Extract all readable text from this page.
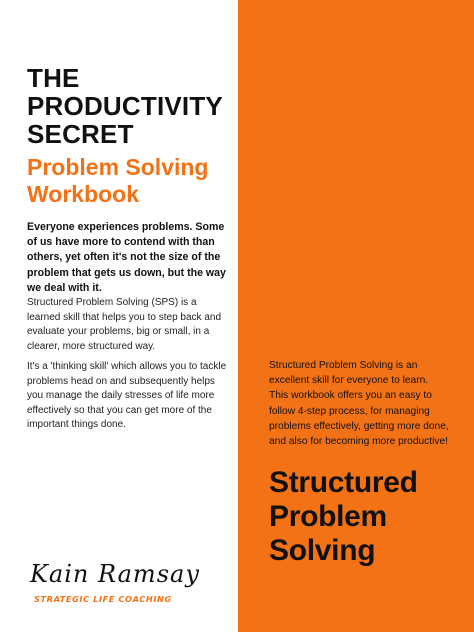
THE
PRODUCTIVITY
SECRET
Problem Solving
Workbook

Everyone experiences problems. Some of us have more to contend with than others, yet often it's not the size of the problem that gets us down, but the way we deal with it.

Structured Problem Solving (SPS) is a learned skill that helps you to step back and evaluate your problems, big or small, in a clearer, more structured way.

It's a 'thinking skill' which allows you to tackle problems head on and subsequently helps you manage the daily stresses of life more effectively so that you can get more of the important things done.

Kain Ramsay
STRATEGIC LIFE COACHING

Structured Problem Solving is an excellent skill for everyone to learn. This workbook offers you an easy to follow 4-step process, for managing problems effectively, getting more done, and also for becoming more productive!

Structured
Problem
Solving
